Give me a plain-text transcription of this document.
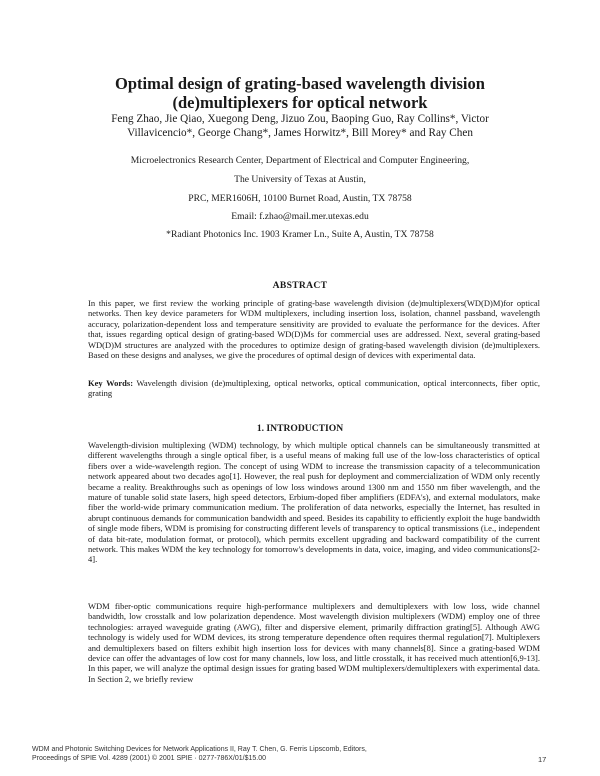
Optimal design of grating-based wavelength division
(de)multiplexers for optical network
Feng Zhao, Jie Qiao, Xuegong Deng, Jizuo Zou, Baoping Guo, Ray Collins*, Victor
Villavicencio*, George Chang*, James Horwitz*, Bill Morey* and Ray Chen
Microelectronics Research Center, Department of Electrical and Computer Engineering,
The University of Texas at Austin,
PRC, MER1606H, 10100 Burnet Road, Austin, TX 78758
Email: f.zhao@mail.mer.utexas.edu
*Radiant Photonics Inc. 1903 Kramer Ln., Suite A, Austin, TX 78758
ABSTRACT
In this paper, we first review the working principle of grating-base wavelength division (de)multiplexers(WD(D)M)for optical networks. Then key device parameters for WDM multiplexers, including insertion loss, isolation, channel passband, wavelength accuracy, polarization-dependent loss and temperature sensitivity are provided to evaluate the performance for the devices. After that, issues regarding optical design of grating-based WD(D)Ms for commercial uses are addressed. Next, several grating-based WD(D)M structures are analyzed with the procedures to optimize design of grating-based wavelength division (de)multiplexers. Based on these designs and analyses, we give the procedures of optimal design of devices with experimental data.
Key Words: Wavelength division (de)multiplexing, optical networks, optical communication, optical interconnects, fiber optic, grating
1. INTRODUCTION
Wavelength-division multiplexing (WDM) technology, by which multiple optical channels can be simultaneously transmitted at different wavelengths through a single optical fiber, is a useful means of making full use of the low-loss characteristics of optical fibers over a wide-wavelength region. The concept of using WDM to increase the transmission capacity of a telecommunication network appeared about two decades ago[1]. However, the real push for deployment and commercialization of WDM only recently became a reality. Breakthroughs such as openings of low loss windows around 1300 nm and 1550 nm fiber wavelength, and the mature of tunable solid state lasers, high speed detectors, Erbium-doped fiber amplifiers (EDFA's), and external modulators, make fiber the world-wide primary communication medium. The proliferation of data networks, especially the Internet, has resulted in abrupt continuous demands for communication bandwidth and speed. Besides its capability to efficiently exploit the huge bandwidth of single mode fibers, WDM is promising for constructing different levels of transparency to optical transmissions (i.e., independent of data bit-rate, modulation format, or protocol), which permits excellent upgrading and backward compatibility of the current network. This makes WDM the key technology for tomorrow's developments in data, voice, imaging, and video communications[2-4].
WDM fiber-optic communications require high-performance multiplexers and demultiplexers with low loss, wide channel bandwidth, low crosstalk and low polarization dependence. Most wavelength division multiplexers (WDM) employ one of three technologies: arrayed waveguide grating (AWG), filter and dispersive element, primarily diffraction grating[5]. Although AWG technology is widely used for WDM devices, its strong temperature dependence often requires thermal regulation[7]. Multiplexers and demultiplexers based on filters exhibit high insertion loss for devices with many channels[8]. Since a grating-based WDM device can offer the advantages of low cost for many channels, low loss, and little crosstalk, it has received much attention[6,9-13]. In this paper, we will analyze the optimal design issues for grating based WDM multiplexers/demultiplexers with experimental data. In Section 2, we briefly review
WDM and Photonic Switching Devices for Network Applications II, Ray T. Chen, G. Ferris Lipscomb, Editors,
Proceedings of SPIE Vol. 4289 (2001) © 2001 SPIE · 0277-786X/01/$15.00	17
